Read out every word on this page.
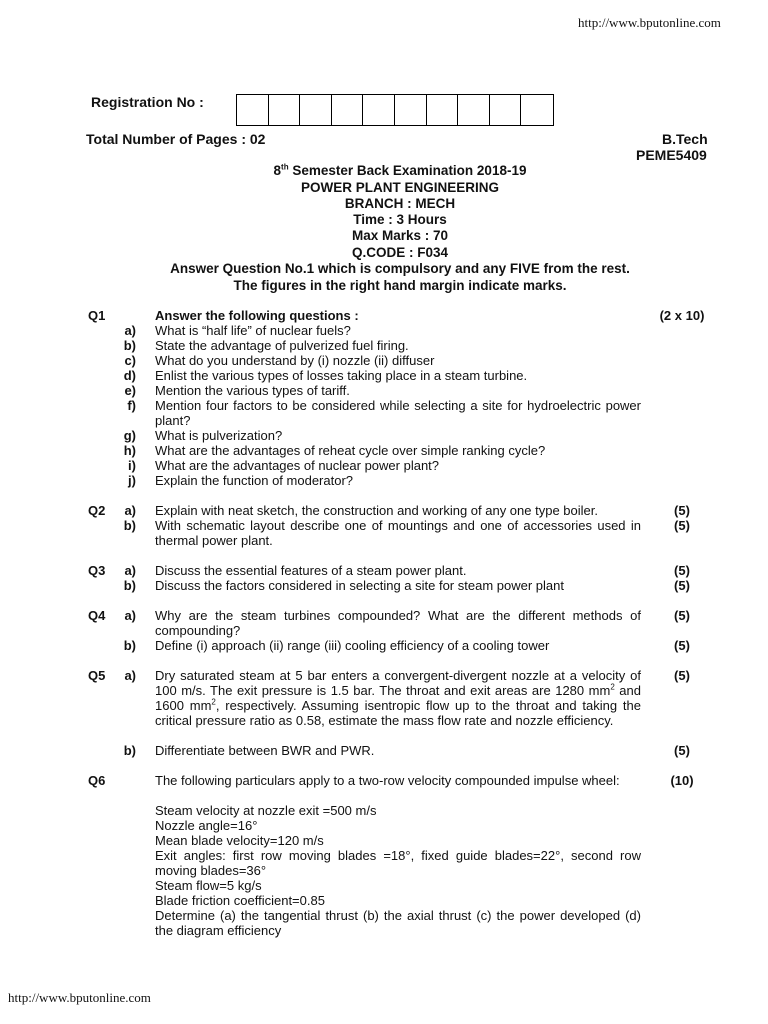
http://www.bputonline.com
http://www.bputonline.com
Registration No :
Total Number of Pages : 02	B.Tech
PEME5409
8th Semester Back Examination 2018-19
POWER PLANT ENGINEERING
BRANCH : MECH
Time : 3 Hours
Max Marks : 70
Q.CODE : F034
Answer Question No.1 which is compulsory and any FIVE from the rest.
The figures in the right hand margin indicate marks.
Q1	Answer the following questions :	(2 x 10)
a) What is “half life” of nuclear fuels?
b) State the advantage of pulverized fuel firing.
c) What do you understand by (i) nozzle (ii) diffuser
d) Enlist the various types of losses taking place in a steam turbine.
e) Mention the various types of tariff.
f) Mention four factors to be considered while selecting a site for hydroelectric power plant?
g) What is pulverization?
h) What are the advantages of reheat cycle over simple ranking cycle?
i) What are the advantages of nuclear power plant?
j) Explain the function of moderator?
Q2	a) Explain with neat sketch, the construction and working of any one type boiler.	(5)
b) With schematic layout describe one of mountings and one of accessories used in thermal power plant.
(5)
Q3	a) Discuss the essential features of a steam power plant.	(5)
b) Discuss the factors considered in selecting a site for steam power plant	(5)
Q4	a) Why are the steam turbines compounded? What are the different methods of compounding?
(5)
b) Define (i) approach (ii) range (iii) cooling efficiency of a cooling tower	(5)
Q5	a) Dry saturated steam at 5 bar enters a convergent-divergent nozzle at a velocity of 100 m/s. The exit pressure is 1.5 bar. The throat and exit areas are 1280 $mm^2$ and 1600 $mm^2$, respectively. Assuming isentropic flow up to the throat and taking the critical pressure ratio as 0.58, estimate the mass flow rate and nozzle efficiency.
(5)
b) Differentiate between BWR and PWR.	(5)
Q6	The following particulars apply to a two-row velocity compounded impulse wheel:	(10)
Steam velocity at nozzle exit =500 m/s
Nozzle angle=16°
Mean blade velocity=120 m/s
Exit angles: first row moving blades =18°, fixed guide blades=22°, second row moving blades=36°
Steam flow=5 kg/s
Blade friction coefficient=0.85
Determine (a) the tangential thrust (b) the axial thrust (c) the power developed (d) the diagram efficiency
